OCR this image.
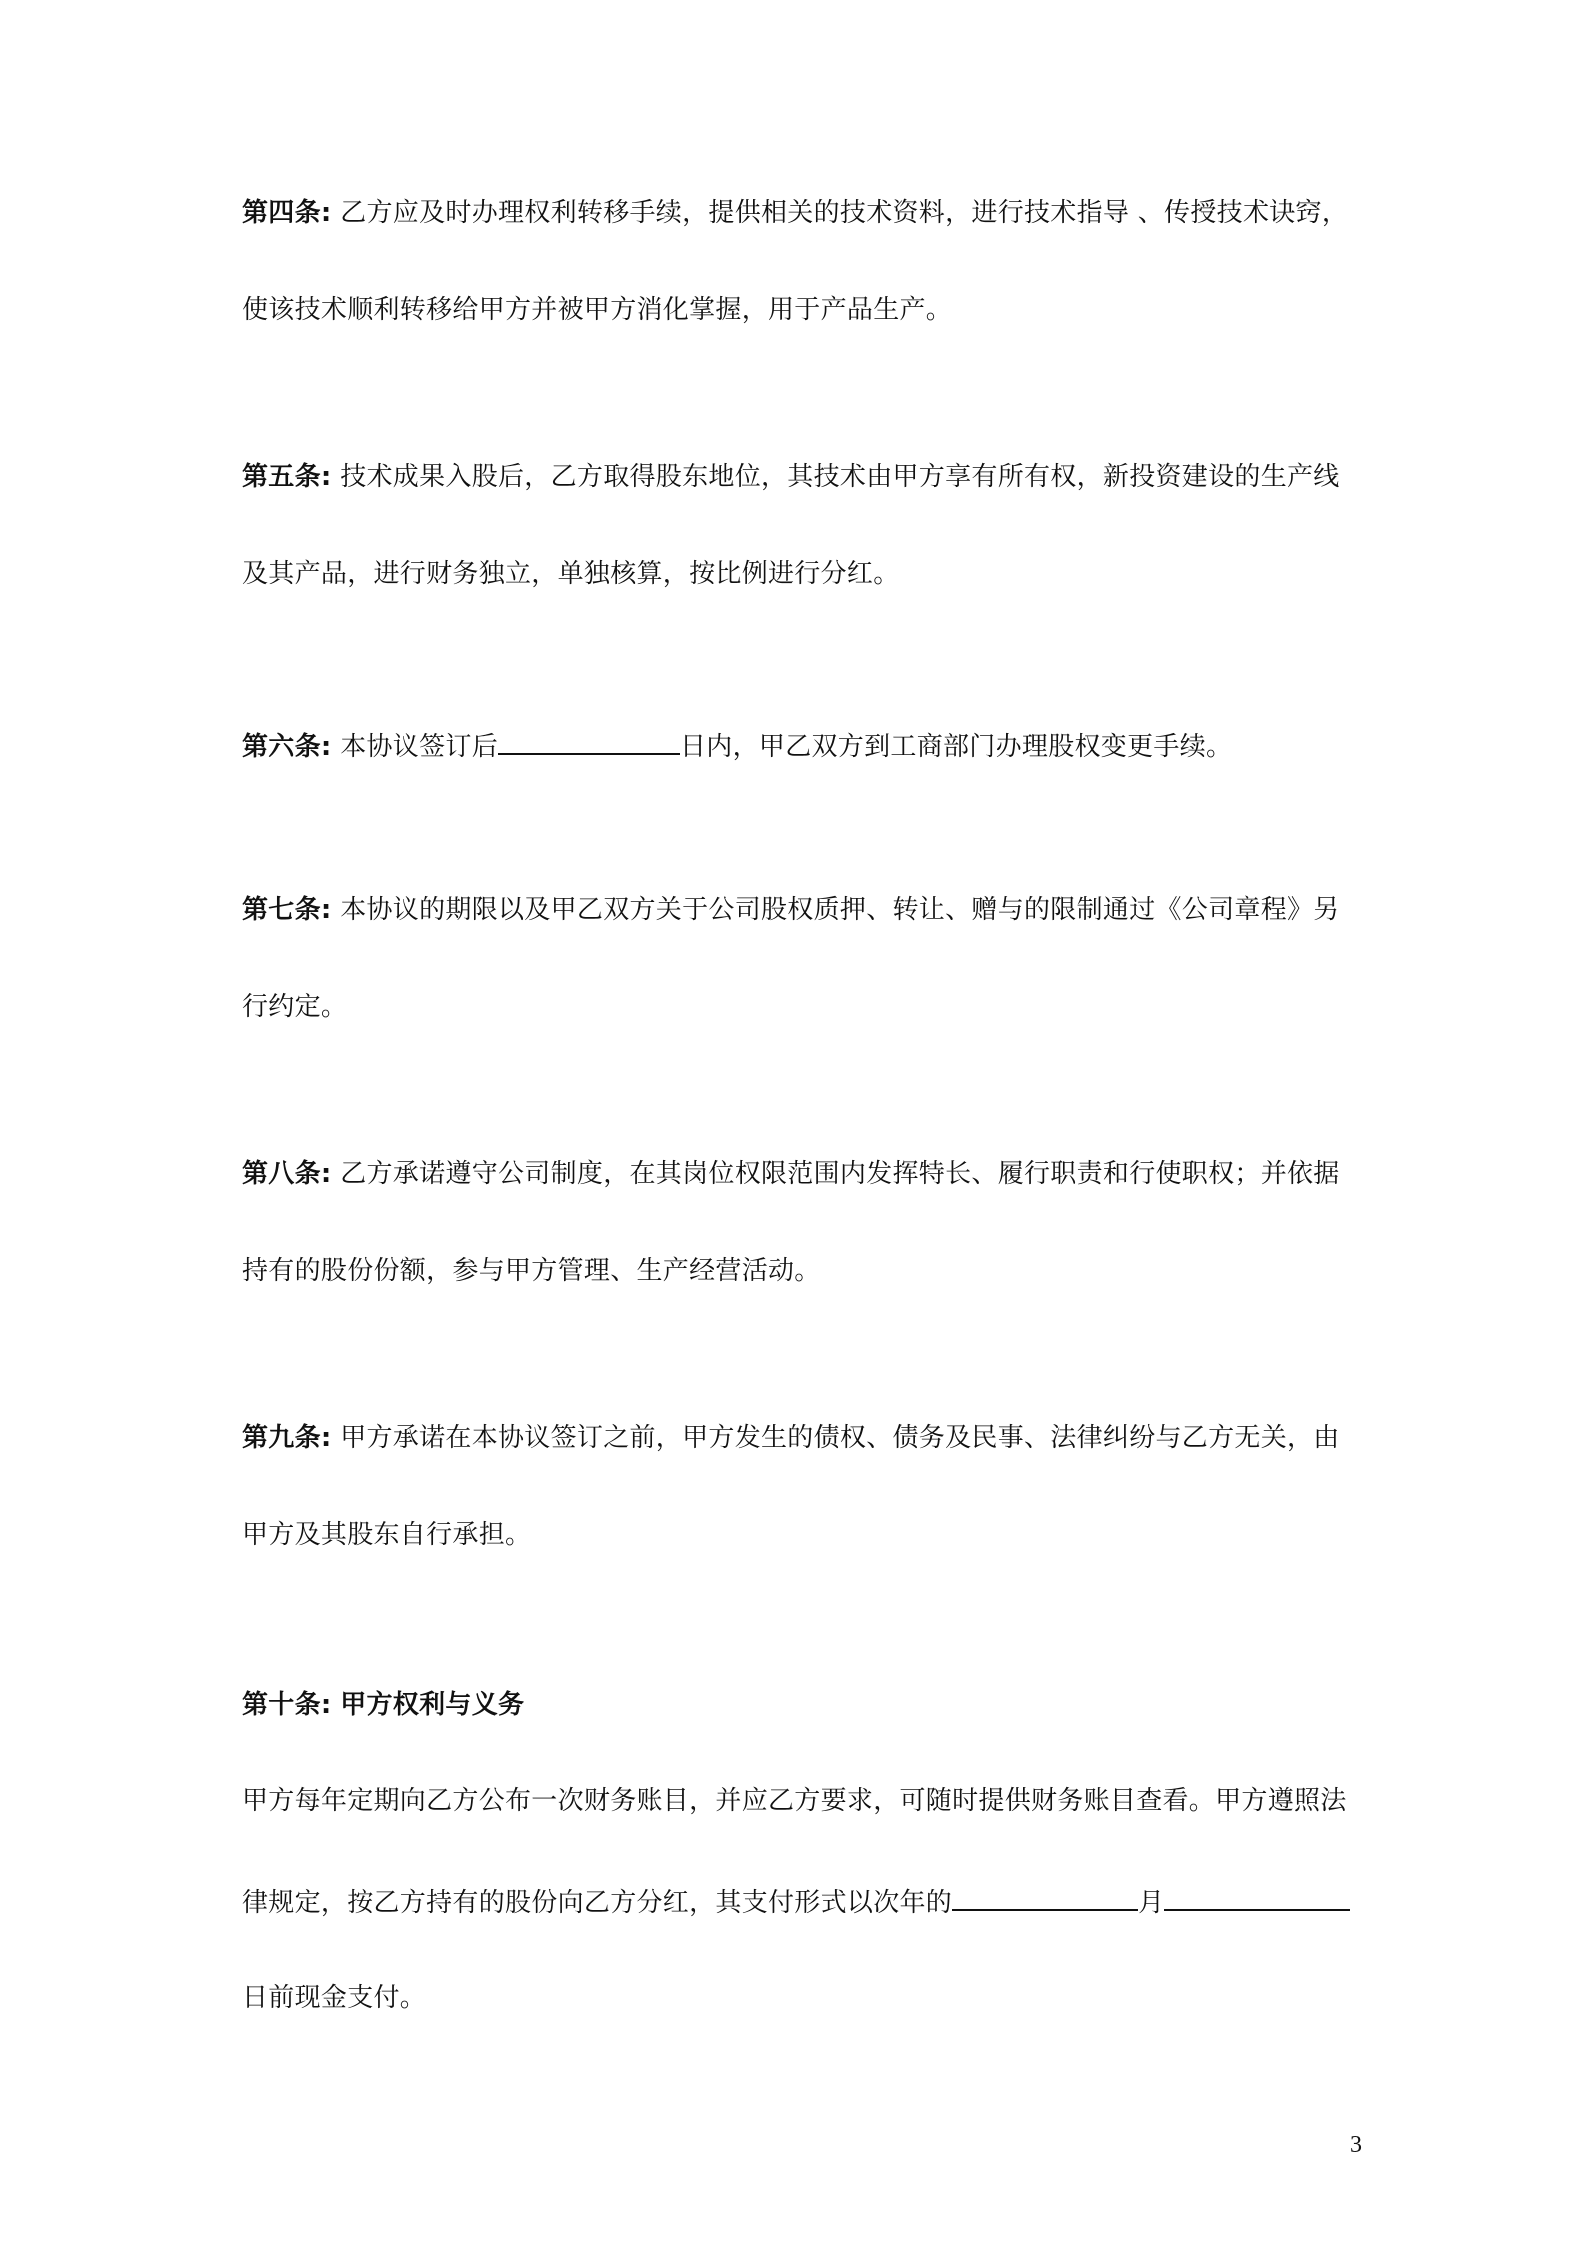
第四条: 乙方应及时办理权利转移手续，提供相关的技术资料，进行技术指导 、传授技术诀窍，
使该技术顺利转移给甲方并被甲方消化掌握，用于产品生产。
第五条: 技术成果入股后，乙方取得股东地位，其技术由甲方享有所有权，新投资建设的生产线
及其产品，进行财务独立，单独核算，按比例进行分红。
第六条: 本协议签订后	日内，甲乙双方到工商部门办理股权变更手续。
第七条: 本协议的期限以及甲乙双方关于公司股权质押、转让、赠与的限制通过《公司章程》另
行约定。
第八条: 乙方承诺遵守公司制度，在其岗位权限范围内发挥特长、履行职责和行使职权；并依据
持有的股份份额，参与甲方管理、生产经营活动。
第九条: 甲方承诺在本协议签订之前，甲方发生的债权、债务及民事、法律纠纷与乙方无关，由
甲方及其股东自行承担。
第十条: 甲方权利与义务
甲方每年定期向乙方公布一次财务账目，并应乙方要求，可随时提供财务账目查看。甲方遵照法
律规定，按乙方持有的股份向乙方分红，其支付形式以次年的	月
日前现金支付。
3
